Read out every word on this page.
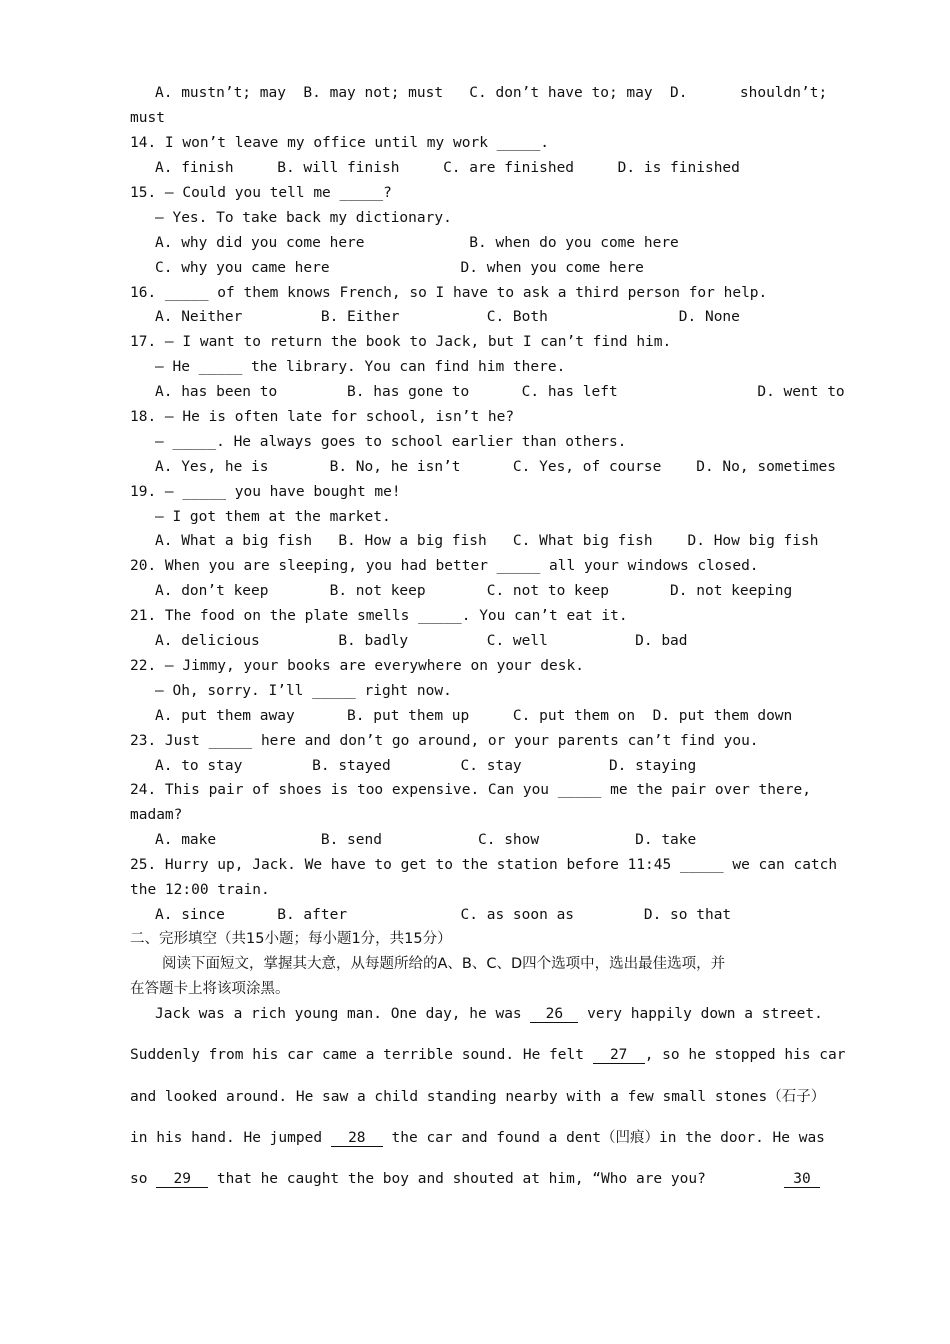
A. mustn’t; may  B. may not; must   C. don’t have to; may  D.      shouldn’t;
must
14. I won’t leave my office until my work _____.
A. finish     B. will finish     C. are finished     D. is finished
15. — Could you tell me _____?
— Yes. To take back my dictionary.
A. why did you come here            B. when do you come here
C. why you came here               D. when you come here
16. _____ of them knows French, so I have to ask a third person for help.
A. Neither         B. Either          C. Both               D. None
17. — I want to return the book to Jack, but I can’t find him.
— He _____ the library. You can find him there.
A. has been to        B. has gone to      C. has left                D. went to
18. — He is often late for school, isn’t he?
— _____. He always goes to school earlier than others.
A. Yes, he is       B. No, he isn’t      C. Yes, of course    D. No, sometimes
19. — _____ you have bought me!
— I got them at the market.
A. What a big fish   B. How a big fish   C. What big fish    D. How big fish
20. When you are sleeping, you had better _____ all your windows closed.
A. don’t keep       B. not keep       C. not to keep       D. not keeping
21. The food on the plate smells _____. You can’t eat it.
A. delicious         B. badly         C. well          D. bad
22. — Jimmy, your books are everywhere on your desk.
— Oh, sorry. I’ll _____ right now.
A. put them away      B. put them up     C. put them on  D. put them down
23. Just _____ here and don’t go around, or your parents can’t find you.
A. to stay        B. stayed        C. stay          D. staying
24. This pair of shoes is too expensive. Can you _____ me the pair over there,
madam?
A. make            B. send           C. show           D. take
25. Hurry up, Jack. We have to get to the station before 11:45 _____ we can catch
the 12:00 train.
A. since      B. after             C. as soon as        D. so that
二、完形填空（共15小题；每小题1分，共15分）
阅读下面短文，掌握其大意，从每题所给的A、B、C、D四个选项中，选出最佳选项，并
在答题卡上将该项涂黑。
Jack was a rich young man. One day, he was 26 very happily down a street.
Suddenly from his car came a terrible sound. He felt 27 , so he stopped his car
and looked around. He saw a child standing nearby with a few small stones（石子）
in his hand. He jumped 28 the car and found a dent（凹痕）in the door. He was
so 29 that he caught the boy and shouted at him, “Who are you?	30
